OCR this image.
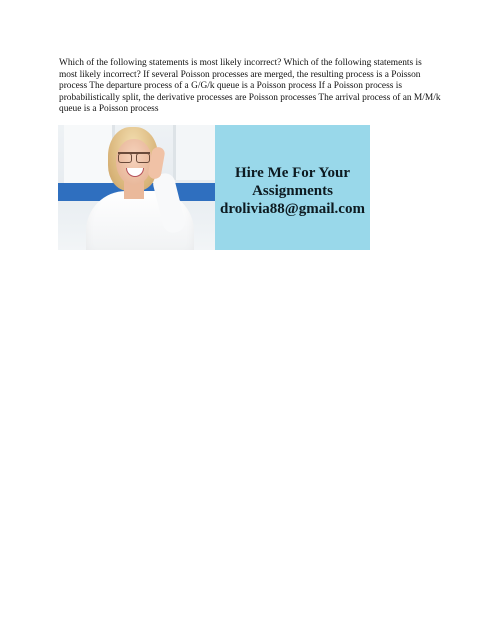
Which of the following statements is most likely incorrect? Which of the following statements is most likely incorrect? If several Poisson processes are merged, the resulting process is a Poisson process The departure process of a G/G/k queue is a Poisson process If a Poisson process is probabilistically split, the derivative processes are Poisson processes The arrival process of an M/M/k queue is a Poisson process

Hire Me For Your
Assignments
drolivia88@gmail.com
